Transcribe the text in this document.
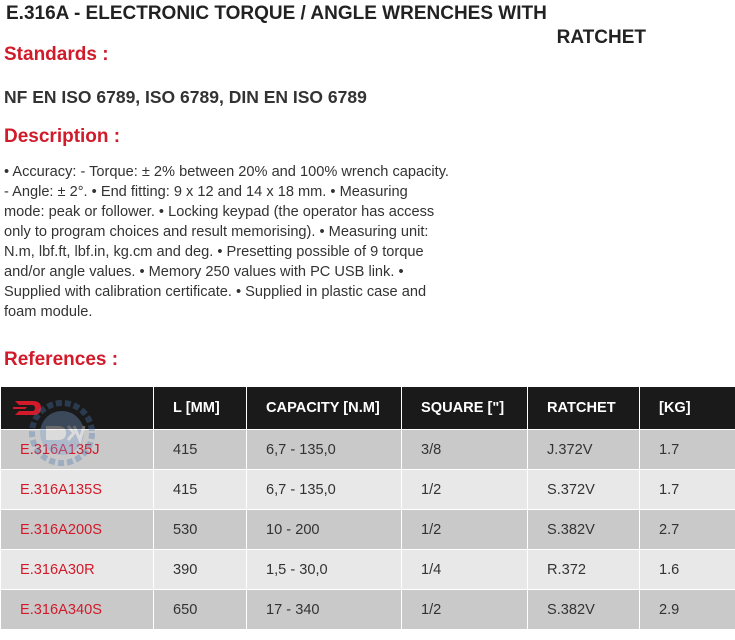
E.316A - ELECTRONIC TORQUE / ANGLE WRENCHES WITH
RATCHET
Standards :
NF EN ISO 6789, ISO 6789, DIN EN ISO 6789
Description :
• Accuracy: - Torque: ± 2% between 20% and 100% wrench capacity. - Angle: ± 2°. • End fitting: 9 x 12 and 14 x 18 mm. • Measuring mode: peak or follower. • Locking keypad (the operator has access only to program choices and result memorising). • Measuring unit: N.m, lbf.ft, lbf.in, kg.cm and deg. • Presetting possible of 9 torque and/or angle values. • Memory 250 values with PC USB link. • Supplied with calibration certificate. • Supplied in plastic case and foam module.
References :
	L [MM]	CAPACITY [N.M]	SQUARE ["]	RATCHET	[KG]
E.316A135J	415	6,7 - 135,0	3/8	J.372V	1.7
E.316A135S	415	6,7 - 135,0	1/2	S.372V	1.7
E.316A200S	530	10 - 200	1/2	S.382V	2.7
E.316A30R	390	1,5 - 30,0	1/4	R.372	1.6
E.316A340S	650	17 - 340	1/2	S.382V	2.9
